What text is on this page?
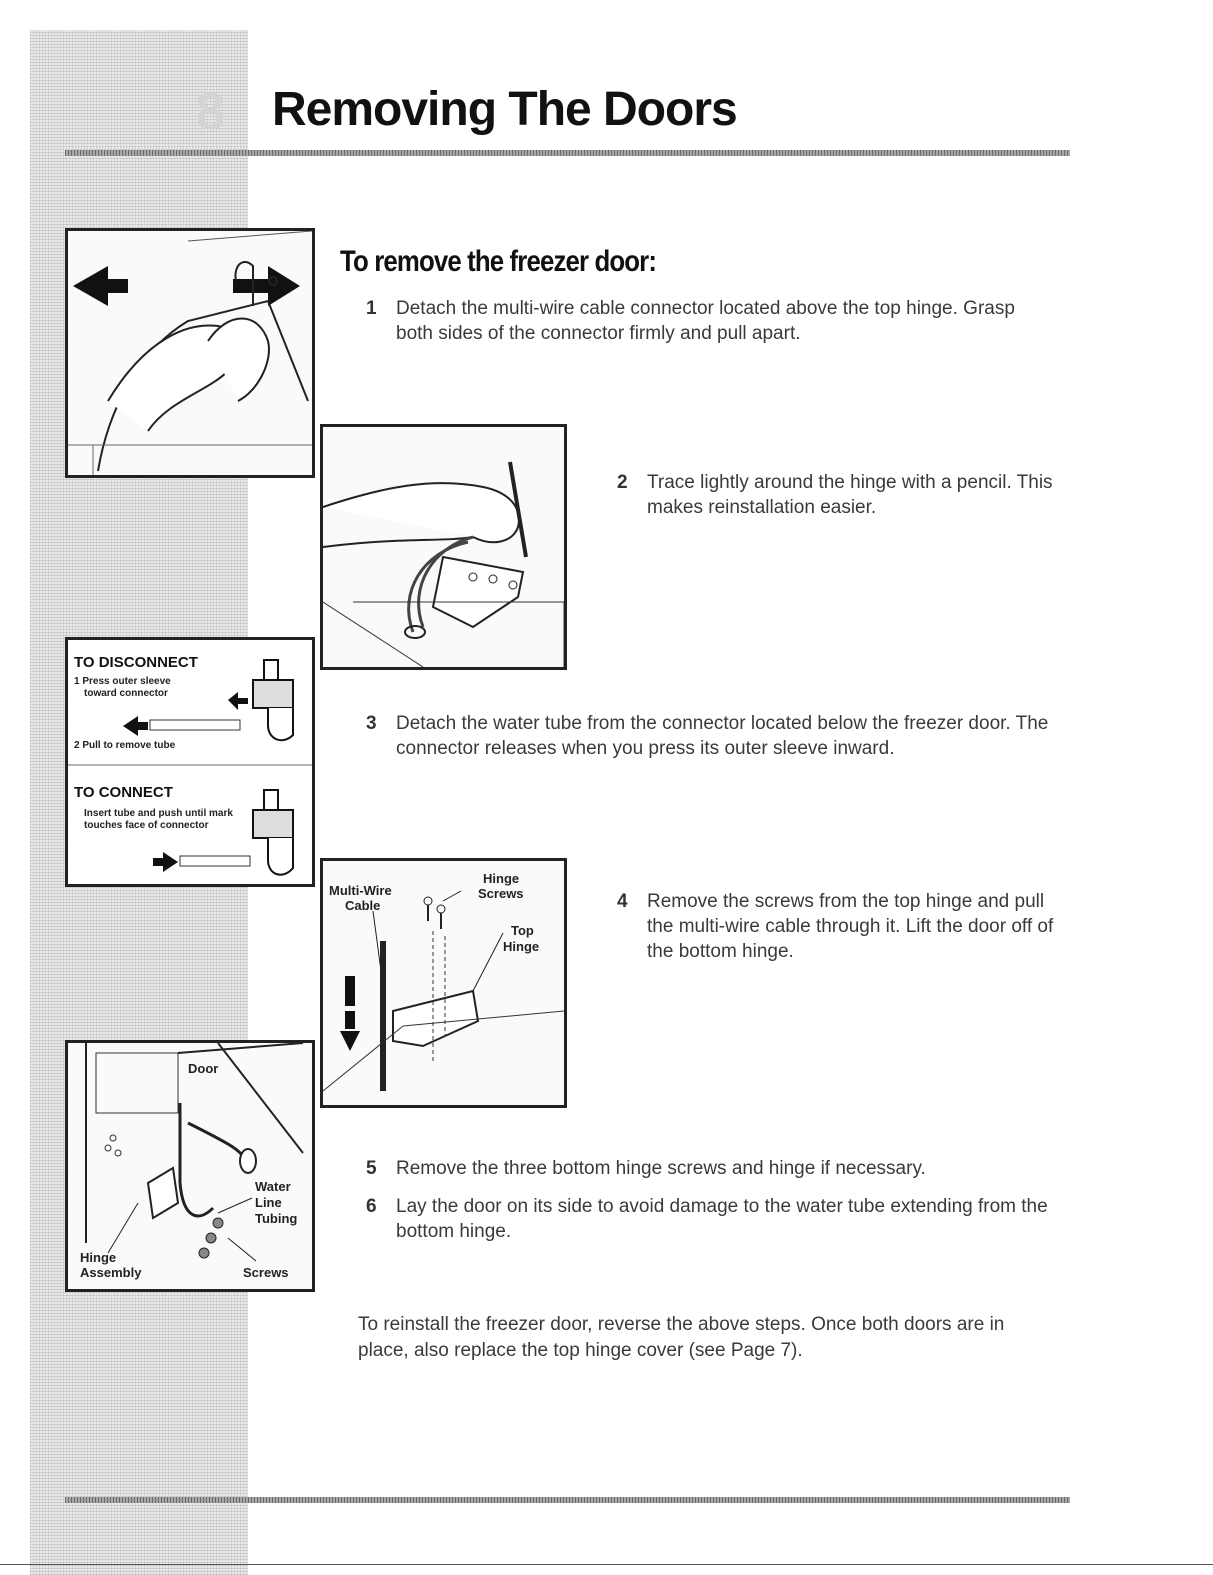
8 Removing The Doors
To remove the freezer door:
1 Detach the multi-wire cable connector located above the top hinge. Grasp both sides of the connector firmly and pull apart.
2 Trace lightly around the hinge with a pencil. This makes reinstallation easier.
3 Detach the water tube from the connector located below the freezer door. The connector releases when you press its outer sleeve inward.
4 Remove the screws from the top hinge and pull the multi-wire cable through it. Lift the door off of the bottom hinge.
5 Remove the three bottom hinge screws and hinge if necessary.
6 Lay the door on its side to avoid damage to the water tube extending from the bottom hinge.
To reinstall the freezer door, reverse the above steps. Once both doors are in place, also replace the top hinge cover (see Page 7).
TO DISCONNECT
1 Press outer sleeve
toward connector
2 Pull to remove tube
TO CONNECT
Insert tube and push until mark
touches face of connector
Multi-Wire
Cable
Hinge
Screws
Top
Hinge
Door
Water
Line
Tubing
Hinge
Assembly	Screws
